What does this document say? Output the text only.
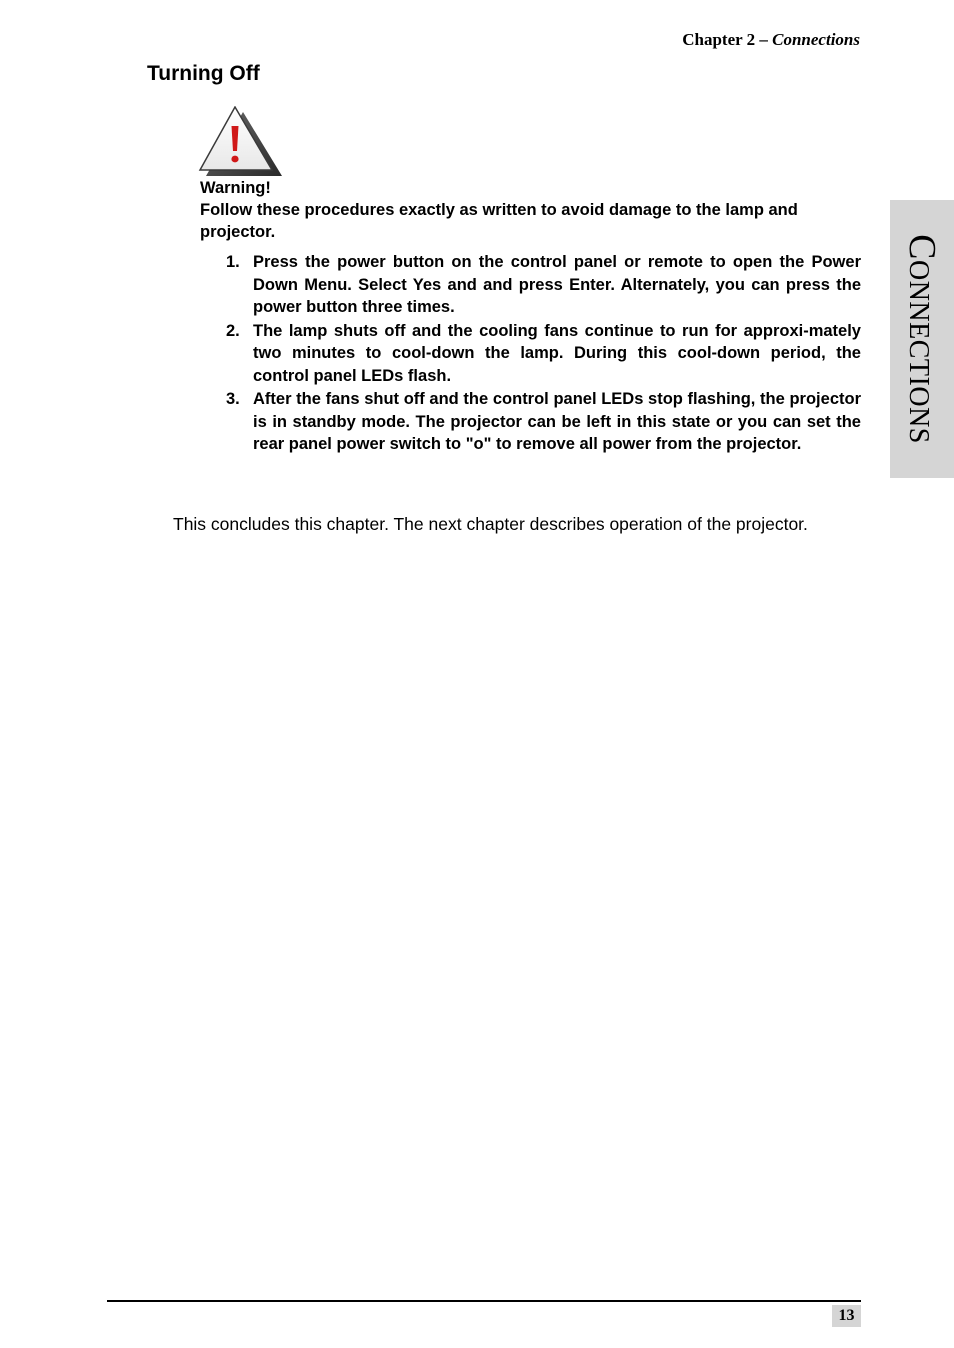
Chapter 2 – Connections
Turning Off
Warning!
Follow these procedures exactly as written to avoid damage to the lamp and projector.
1. Press the power button on the control panel or remote to open the Power Down Menu. Select Yes and and press Enter. Alternately, you can press the power button three times.
2. The lamp shuts off and the cooling fans continue to run for approxi-mately two minutes to cool-down the lamp. During this cool-down period, the control panel LEDs flash.
3. After the fans shut off and the control panel LEDs stop flashing, the projector is in standby mode. The projector can be left in this state or you can set the rear panel power switch to "o" to remove all power from the projector.
This concludes this chapter. The next chapter describes operation of the projector.
CONNECTIONS
13
